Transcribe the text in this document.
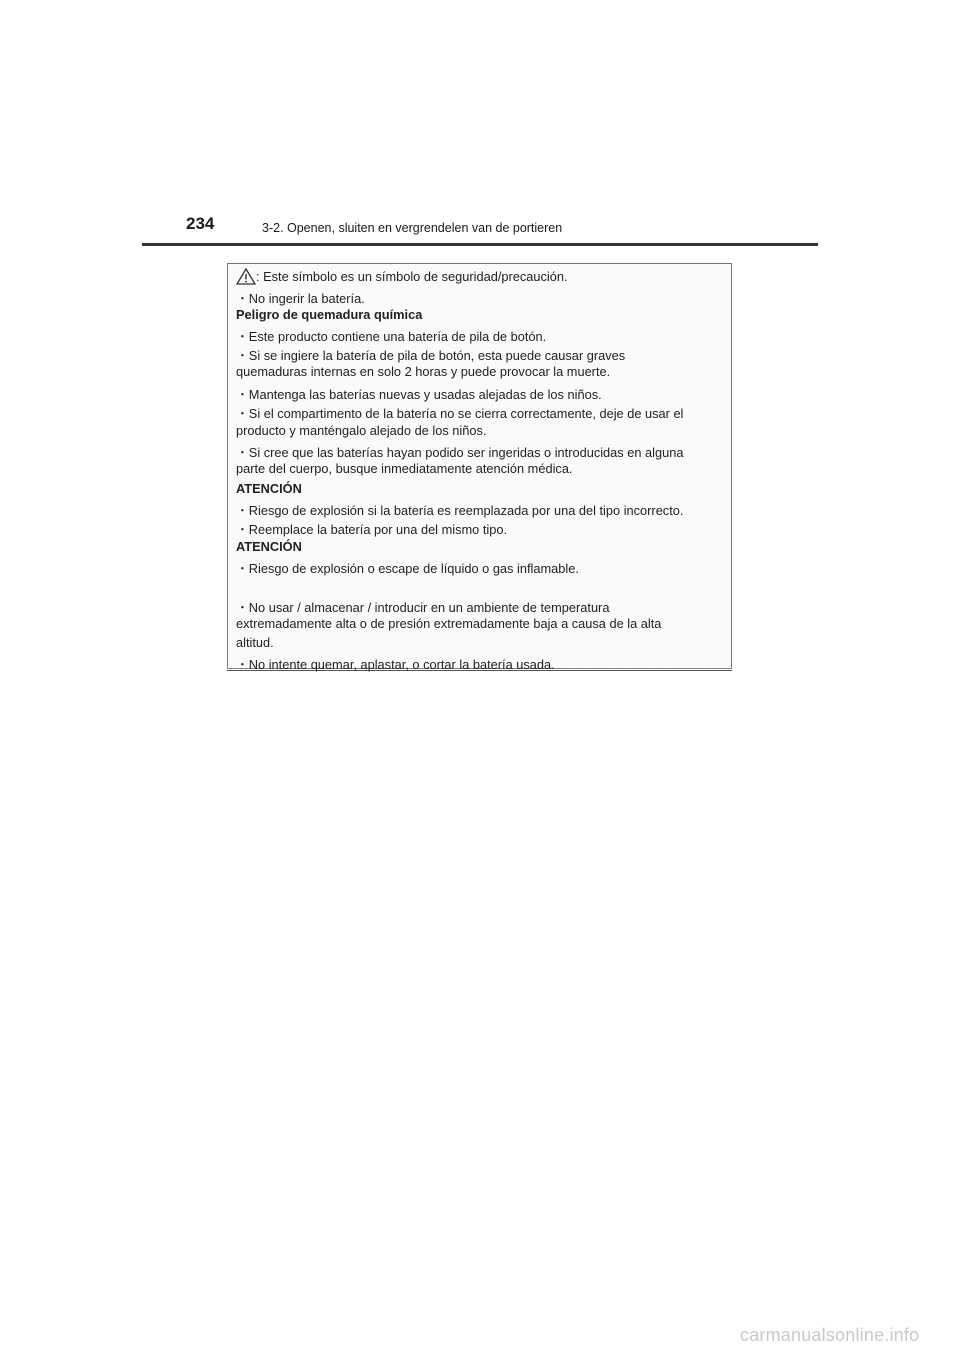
234	3-2. Openen, sluiten en vergrendelen van de portieren
: Este símbolo es un símbolo de seguridad/precaución.
・No ingerir la batería.
Peligro de quemadura química
・Este producto contiene una batería de pila de botón.
・Si se ingiere la batería de pila de botón, esta puede causar graves
quemaduras internas en solo 2 horas y puede provocar la muerte.
・Mantenga las baterías nuevas y usadas alejadas de los niños.
・Si el compartimento de la batería no se cierra correctamente, deje de usar el
producto y manténgalo alejado de los niños.
・Si cree que las baterías hayan podido ser ingeridas o introducidas en alguna
parte del cuerpo, busque inmediatamente atención médica.
ATENCIÓN
・Riesgo de explosión si la batería es reemplazada por una del tipo incorrecto.
・Reemplace la batería por una del mismo tipo.
ATENCIÓN
・Riesgo de explosión o escape de líquido o gas inflamable.
・No usar / almacenar / introducir en un ambiente de temperatura
extremadamente alta o de presión extremadamente baja a causa de la alta
altitud.
・No intente quemar, aplastar, o cortar la batería usada.
carmanualsonline.info
